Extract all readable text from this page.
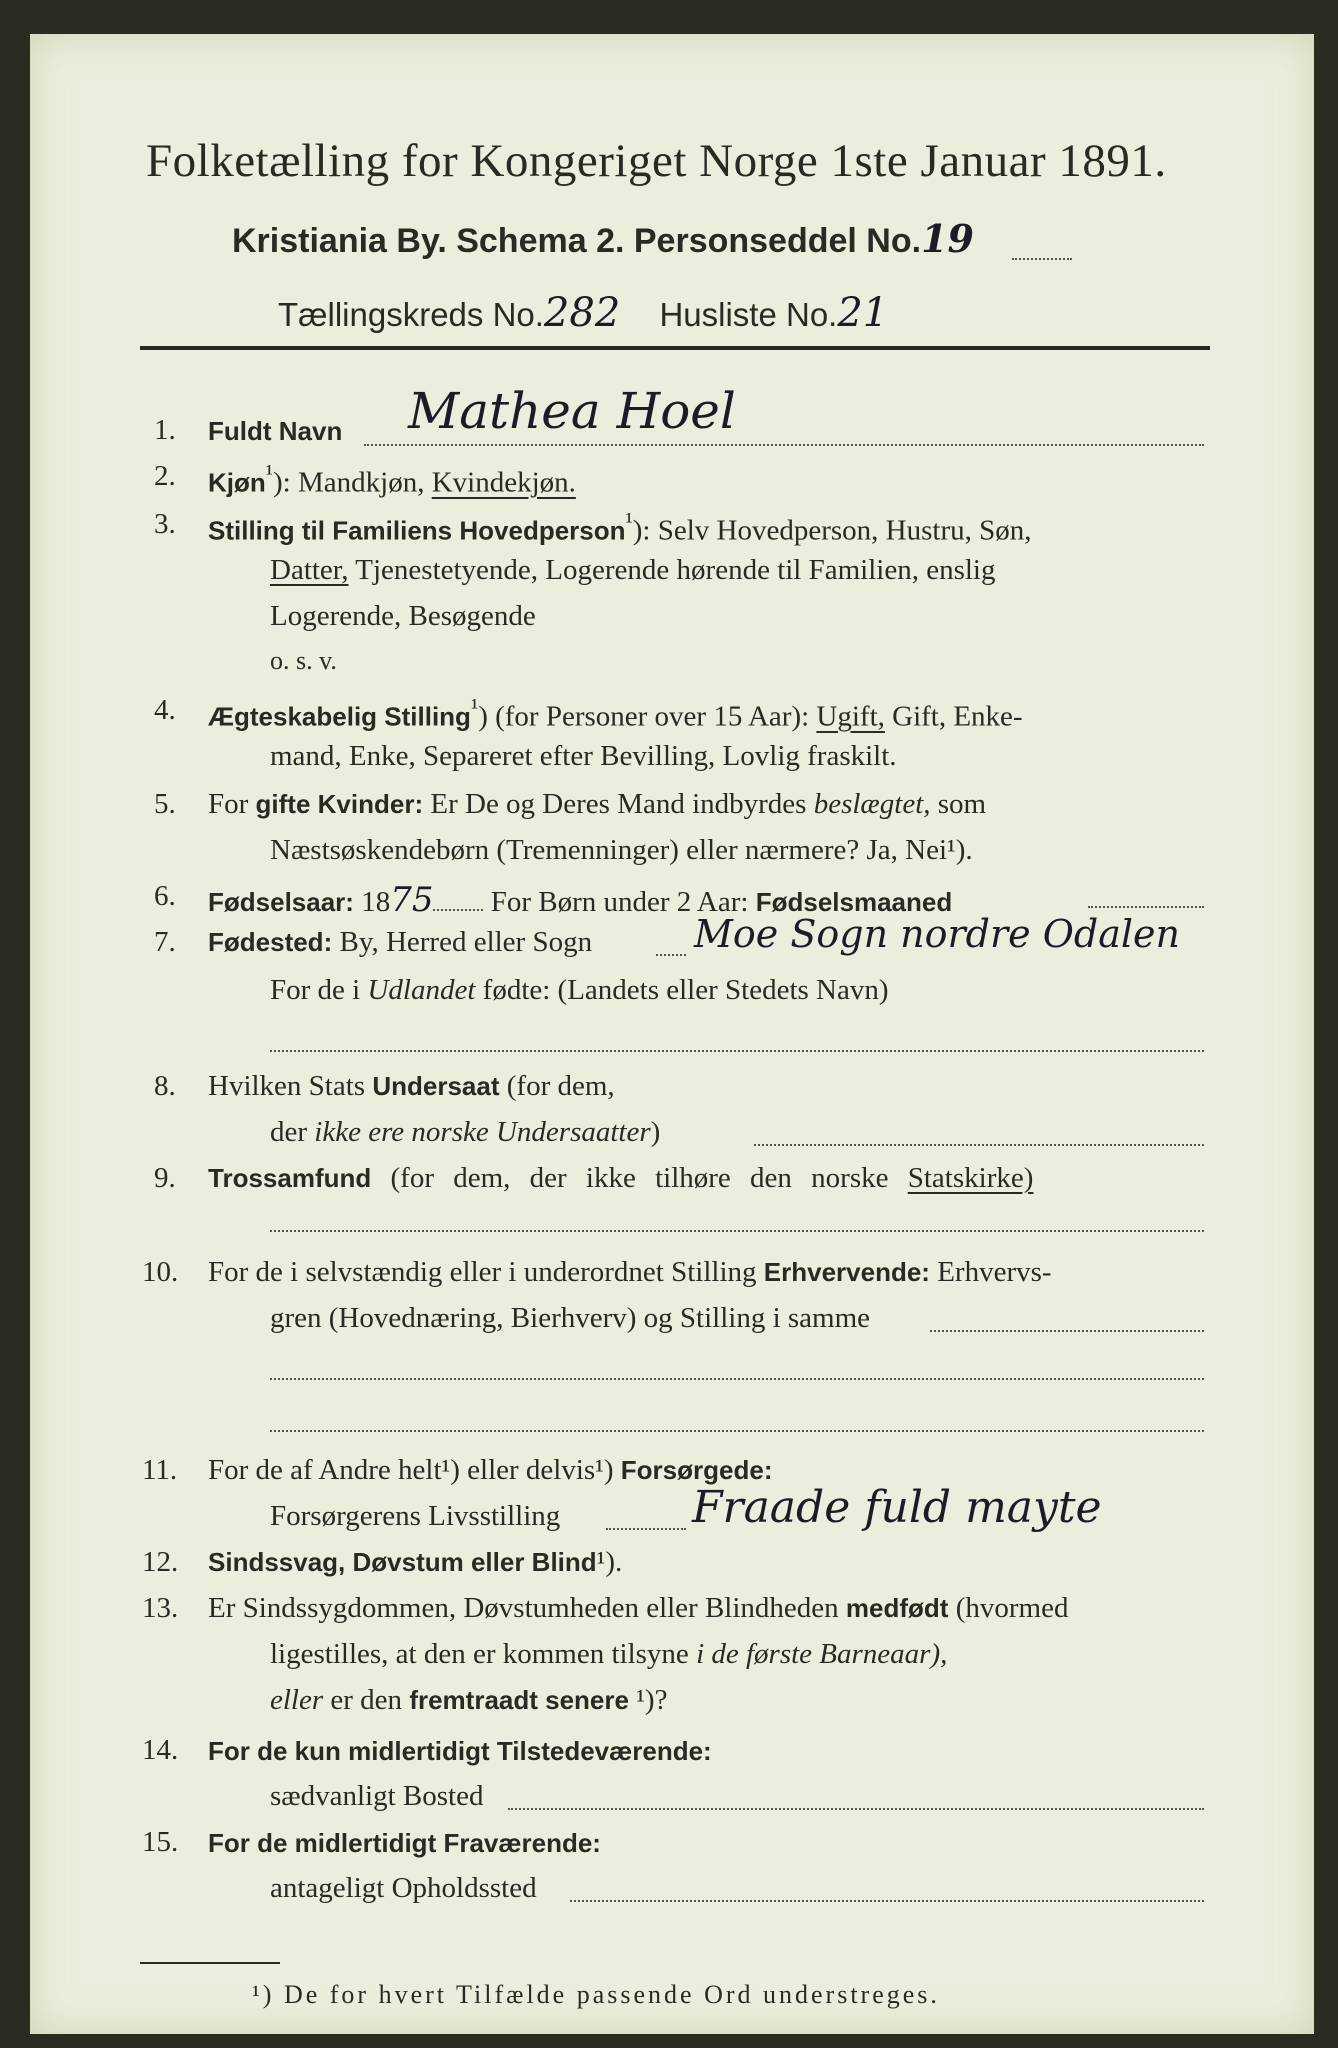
Folketælling for Kongeriget Norge 1ste Januar 1891.
Kristiania By. Schema 2. Personseddel No.19
Tællingskreds No.282 Husliste No.21
1. Fuldt Navn Mathea Hoel
2. Kjøn$^{^1}$): Mandkjøn, Kvindekjøn.
3. Stilling til Familiens Hovedperson$^{^1}$): Selv Hovedperson, Hustru, Søn,
Datter, Tjenestetyende, Logerende hørende til Familien, enslig
Logerende, Besøgende
o. s. v.
4. Ægteskabelig Stilling$^{^1}$) (for Personer over 15 Aar): Ugift, Gift, Enke-
mand, Enke, Separeret efter Bevilling, Lovlig fraskilt.
5. For gifte Kvinder: Er De og Deres Mand indbyrdes beslægtet, som
Næstsøskendebørn (Tremenninger) eller nærmere? Ja, Nei¹).
6. Fødselsaar: 1875 For Børn under 2 Aar: Fødselsmaaned
7. Fødested: By, Herred eller Sogn	Moe Sogn nordre Odalen
For de i Udlandet fødte: (Landets eller Stedets Navn)
8. Hvilken Stats Undersaat (for dem,
der ikke ere norske Undersaatter)
9. Trossamfund (for dem, der ikke tilhøre den norske Statskirke)
10. For de i selvstændig eller i underordnet Stilling Erhvervende: Erhvervs-
gren (Hovednæring, Bierhverv) og Stilling i samme
11. For de af Andre helt¹) eller delvis¹) Forsørgede:
Forsørgerens Livsstilling	Fraade fuld mayte
12. Sindssvag, Døvstum eller Blind¹).
13. Er Sindssygdommen, Døvstumheden eller Blindheden medfødt (hvormed
ligestilles, at den er kommen tilsyne i de første Barneaar),
eller er den fremtraadt senere ¹)?
14. For de kun midlertidigt Tilstedeværende:
sædvanligt Bosted
15. For de midlertidigt Fraværende:
antageligt Opholdssted
¹) De for hvert Tilfælde passende Ord understreges.
